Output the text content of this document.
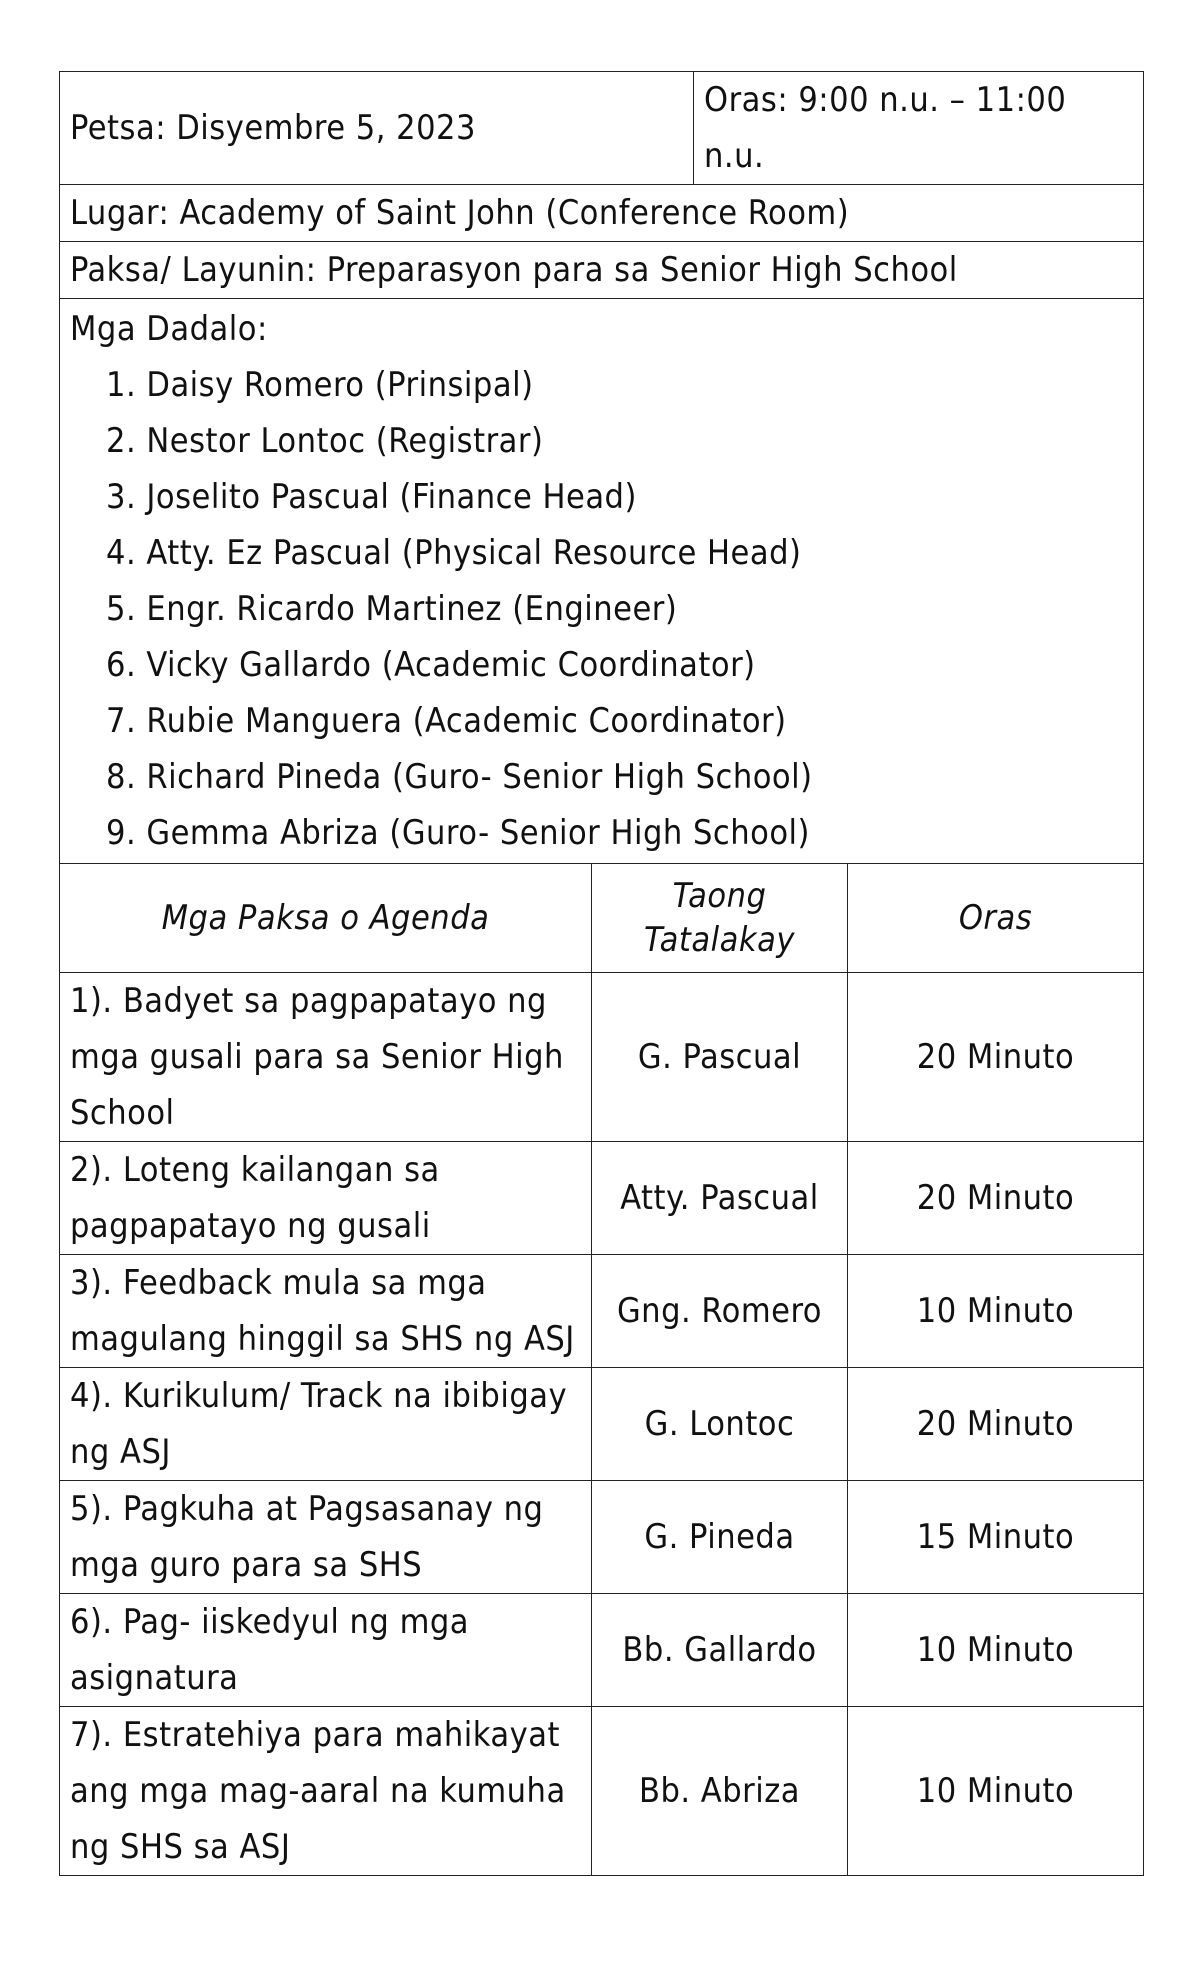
Petsa: Disyembre 5, 2023	Oras: 9:00 n.u. – 11:00 n.u.
Lugar: Academy of Saint John (Conference Room)
Paksa/ Layunin: Preparasyon para sa Senior High School

Mga Dadalo:
1. Daisy Romero (Prinsipal)
2. Nestor Lontoc (Registrar)
3. Joselito Pascual (Finance Head)
4. Atty. Ez Pascual (Physical Resource Head)
5. Engr. Ricardo Martinez (Engineer)
6. Vicky Gallardo (Academic Coordinator)
7. Rubie Manguera (Academic Coordinator)
8. Richard Pineda (Guro- Senior High School)
9. Gemma Abriza (Guro- Senior High School)
Mga Paksa o Agenda	Taong Tatalakay	Oras
1). Badyet sa pagpapatayo ng mga gusali para sa Senior High School	G. Pascual	20 Minuto
2). Loteng kailangan sa pagpapatayo ng gusali	Atty. Pascual	20 Minuto
3). Feedback mula sa mga magulang hinggil sa SHS ng ASJ	Gng. Romero	10 Minuto
4). Kurikulum/ Track na ibibigay ng ASJ	G. Lontoc	20 Minuto
5). Pagkuha at Pagsasanay ng mga guro para sa SHS	G. Pineda	15 Minuto
6). Pag- iiskedyul ng mga asignatura	Bb. Gallardo	10 Minuto
7). Estratehiya para mahikayat ang mga mag-aaral na kumuha ng SHS sa ASJ	Bb. Abriza	10 Minuto
